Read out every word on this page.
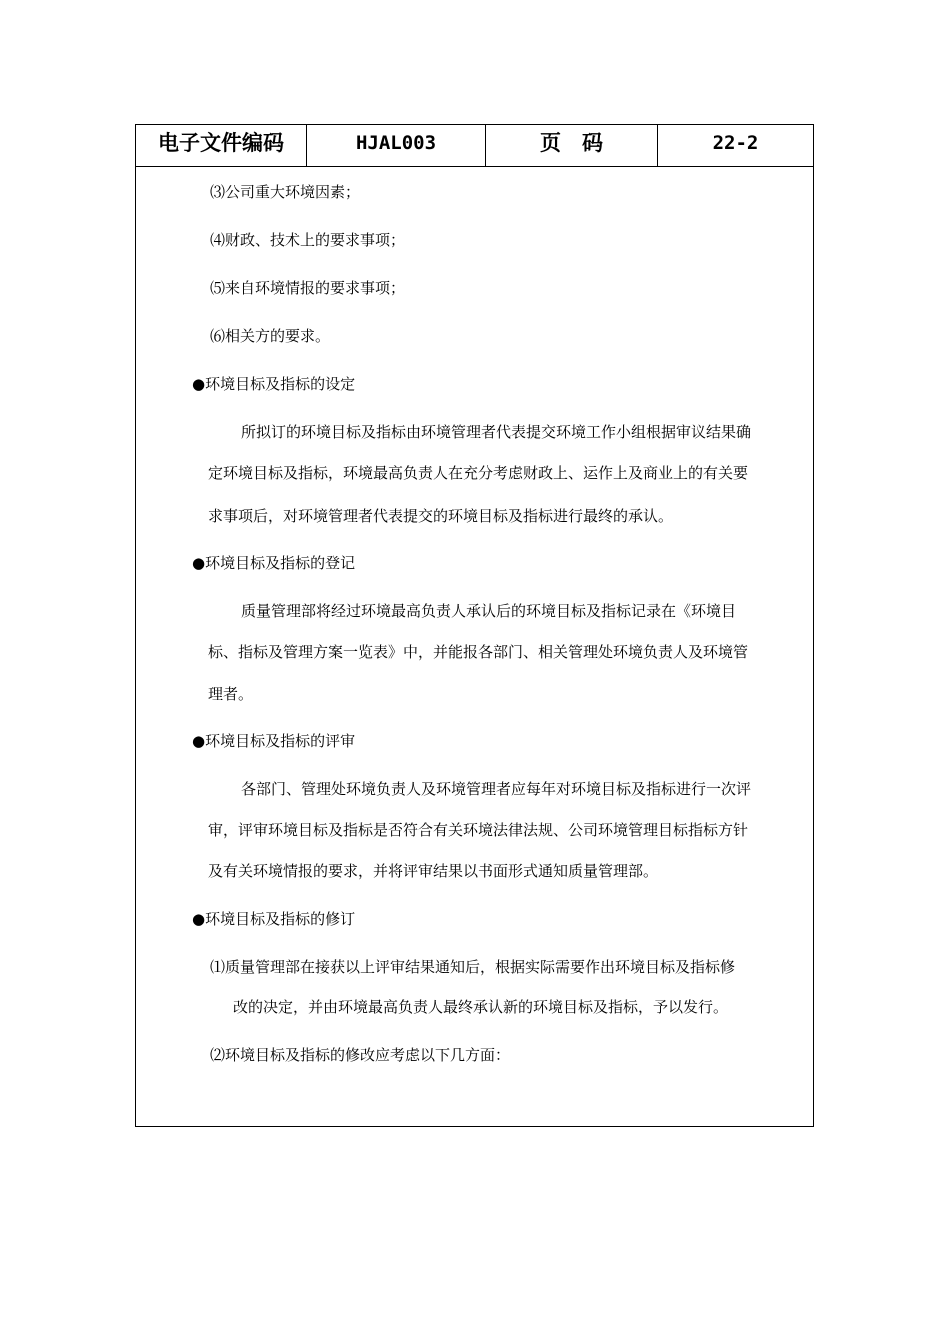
电子文件编码	HJAL003	页　码	22-2
⑶公司重大环境因素；
⑷财政、技术上的要求事项；
⑸来自环境情报的要求事项；
⑹相关方的要求。
●环境目标及指标的设定
所拟订的环境目标及指标由环境管理者代表提交环境工作小组根据审议结果确
定环境目标及指标，环境最高负责人在充分考虑财政上、运作上及商业上的有关要
求事项后，对环境管理者代表提交的环境目标及指标进行最终的承认。
●环境目标及指标的登记
质量管理部将经过环境最高负责人承认后的环境目标及指标记录在《环境目
标、指标及管理方案一览表》中，并能报各部门、相关管理处环境负责人及环境管
理者。
●环境目标及指标的评审
各部门、管理处环境负责人及环境管理者应每年对环境目标及指标进行一次评
审，评审环境目标及指标是否符合有关环境法律法规、公司环境管理目标指标方针
及有关环境情报的要求，并将评审结果以书面形式通知质量管理部。
●环境目标及指标的修订
⑴质量管理部在接获以上评审结果通知后，根据实际需要作出环境目标及指标修
改的决定，并由环境最高负责人最终承认新的环境目标及指标，予以发行。
⑵环境目标及指标的修改应考虑以下几方面：
